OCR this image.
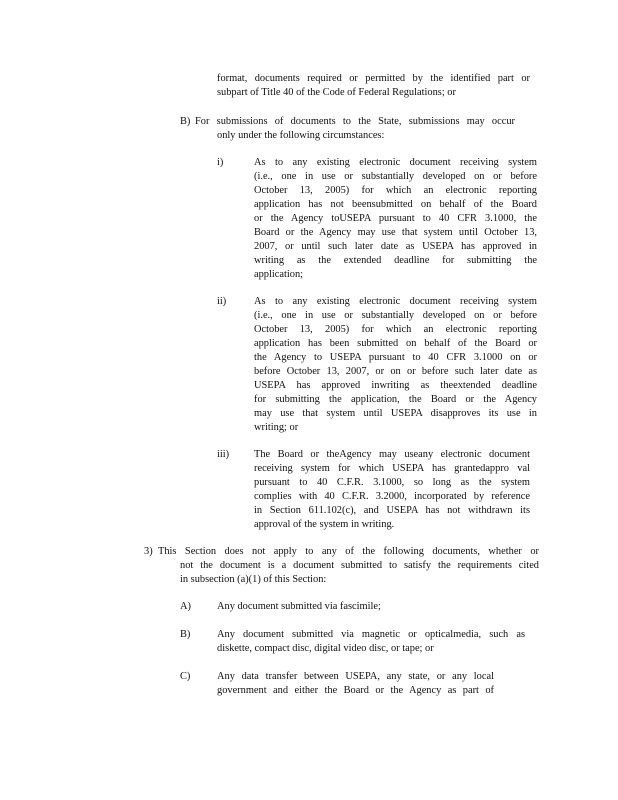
format, documents required or permitted by the identified part or
subpart of Title 40 of the Code of Federal Regulations; or
B) For submissions of documents to the State, submissions may occur
only under the following circumstances:
i)	As to any existing electronic document receiving system
(i.e., one in use or substantially developed on or before
October 13, 2005) for which an electronic reporting
application has not beensubmitted on behalf of the Board
or the Agency toUSEPA pursuant to 40 CFR 3.1000, the
Board or the Agency may use that system until October 13,
2007, or until such later date as USEPA has approved in
writing as the extended deadline for submitting the
application;
ii)	As to any existing electronic document receiving system
(i.e., one in use or substantially developed on or before
October 13, 2005) for which an electronic reporting
application has been submitted on behalf of the Board or
the Agency to USEPA pursuant to 40 CFR 3.1000 on or
before October 13, 2007, or on or before such later date as
USEPA has approved inwriting as theextended deadline
for submitting the application, the Board or the Agency
may use that system until USEPA disapproves its use in
writing; or
iii) The Board or theAgency may useany electronic document
receiving system for which USEPA has grantedappro val
pursuant to 40 C.F.R. 3.1000, so long as the system
complies with 40 C.F.R. 3.2000, incorporated by reference
in Section 611.102(c), and USEPA has not withdrawn its
approval of the system in writing.
3) This Section does not apply to any of the following documents, whether or
not the document is a document submitted to satisfy the requirements cited
in subsection (a)(1) of this Section:
A)	Any document submitted via fascimile;
B)	Any document submitted via magnetic or opticalmedia, such as
diskette, compact disc, digital video disc, or tape; or
C)	Any data transfer between USEPA, any state, or any local
government and either the Board or the Agency as part of
